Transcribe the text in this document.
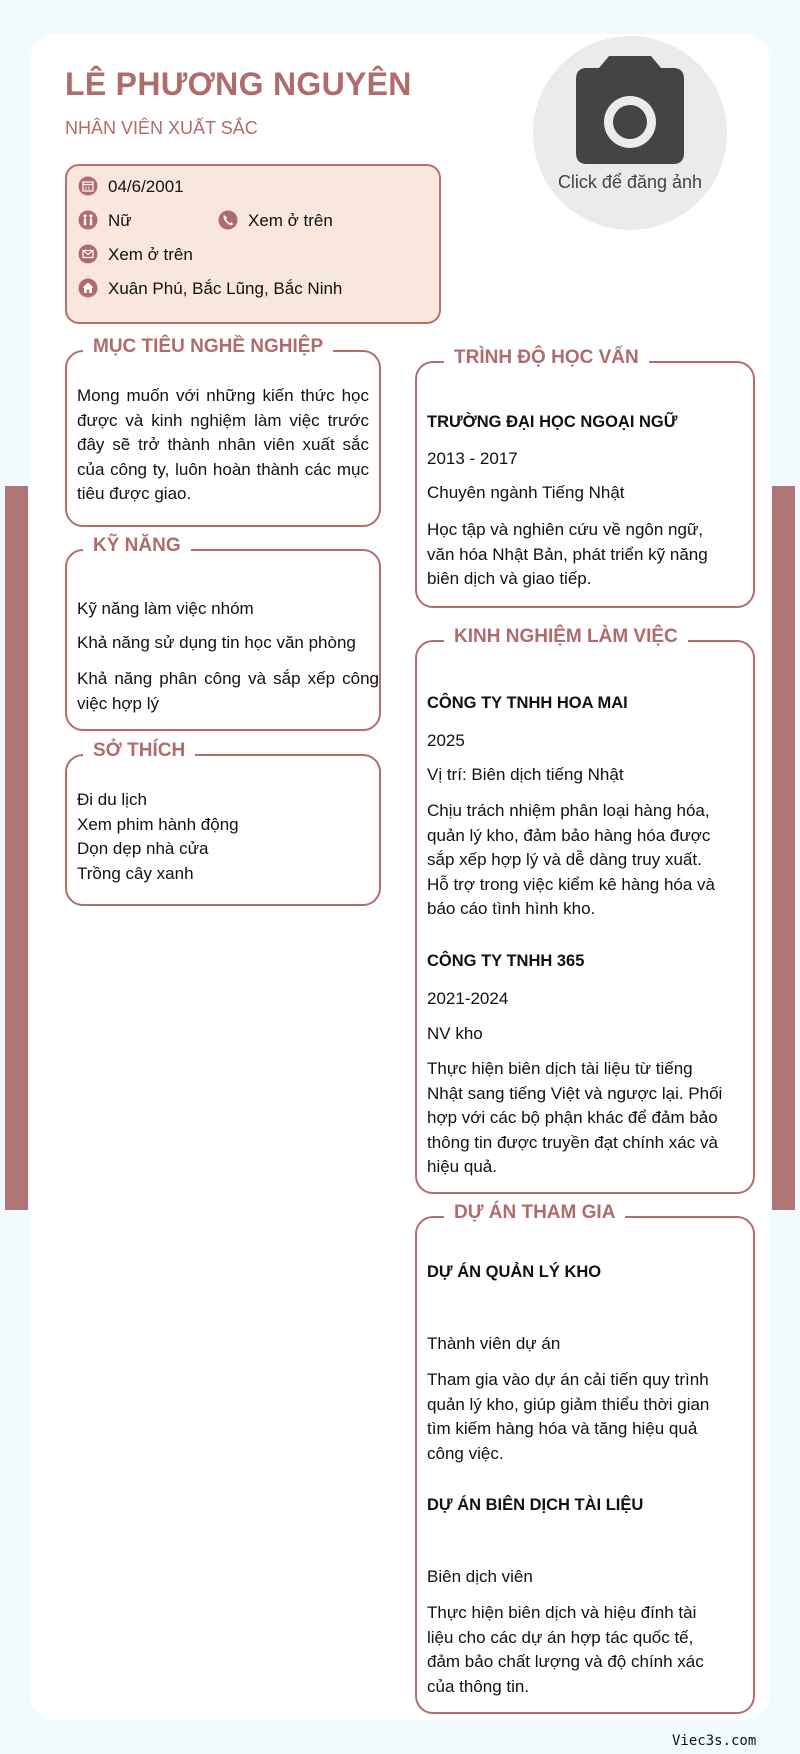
LÊ PHƯƠNG NGUYÊN
NHÂN VIÊN XUẤT SẮC
Click để đăng ảnh
04/6/2001
Nữ	Xem ở trên
Xem ở trên
Xuân Phú, Bắc Lũng, Bắc Ninh
MỤC TIÊU NGHỀ NGHIỆP
Mong muốn với những kiến thức học
được và kinh nghiệm làm việc trước
đây sẽ trở thành nhân viên xuất sắc
của công ty, luôn hoàn thành các mục
tiêu được giao.
KỸ NĂNG
Kỹ năng làm việc nhóm
Khả năng sử dụng tin học văn phòng
Khả năng phân công và sắp xếp công
việc hợp lý
SỞ THÍCH
Đi du lịch
Xem phim hành động
Dọn dẹp nhà cửa
Trồng cây xanh
TRÌNH ĐỘ HỌC VẤN
TRƯỜNG ĐẠI HỌC NGOẠI NGỮ
2013 - 2017
Chuyên ngành Tiếng Nhật
Học tập và nghiên cứu về ngôn ngữ,
văn hóa Nhật Bản, phát triển kỹ năng
biên dịch và giao tiếp.
KINH NGHIỆM LÀM VIỆC
CÔNG TY TNHH HOA MAI
2025
Vị trí: Biên dịch tiếng Nhật
Chịu trách nhiệm phân loại hàng hóa,
quản lý kho, đảm bảo hàng hóa được
sắp xếp hợp lý và dễ dàng truy xuất.
Hỗ trợ trong việc kiểm kê hàng hóa và
báo cáo tình hình kho.
CÔNG TY TNHH 365
2021-2024
NV kho
Thực hiện biên dịch tài liệu từ tiếng
Nhật sang tiếng Việt và ngược lại. Phối
hợp với các bộ phận khác để đảm bảo
thông tin được truyền đạt chính xác và
hiệu quả.
DỰ ÁN THAM GIA
DỰ ÁN QUẢN LÝ KHO
Thành viên dự án
Tham gia vào dự án cải tiến quy trình
quản lý kho, giúp giảm thiểu thời gian
tìm kiếm hàng hóa và tăng hiệu quả
công việc.
DỰ ÁN BIÊN DỊCH TÀI LIỆU
Biên dịch viên
Thực hiện biên dịch và hiệu đính tài
liệu cho các dự án hợp tác quốc tế,
đảm bảo chất lượng và độ chính xác
của thông tin.
Viec3s.com
